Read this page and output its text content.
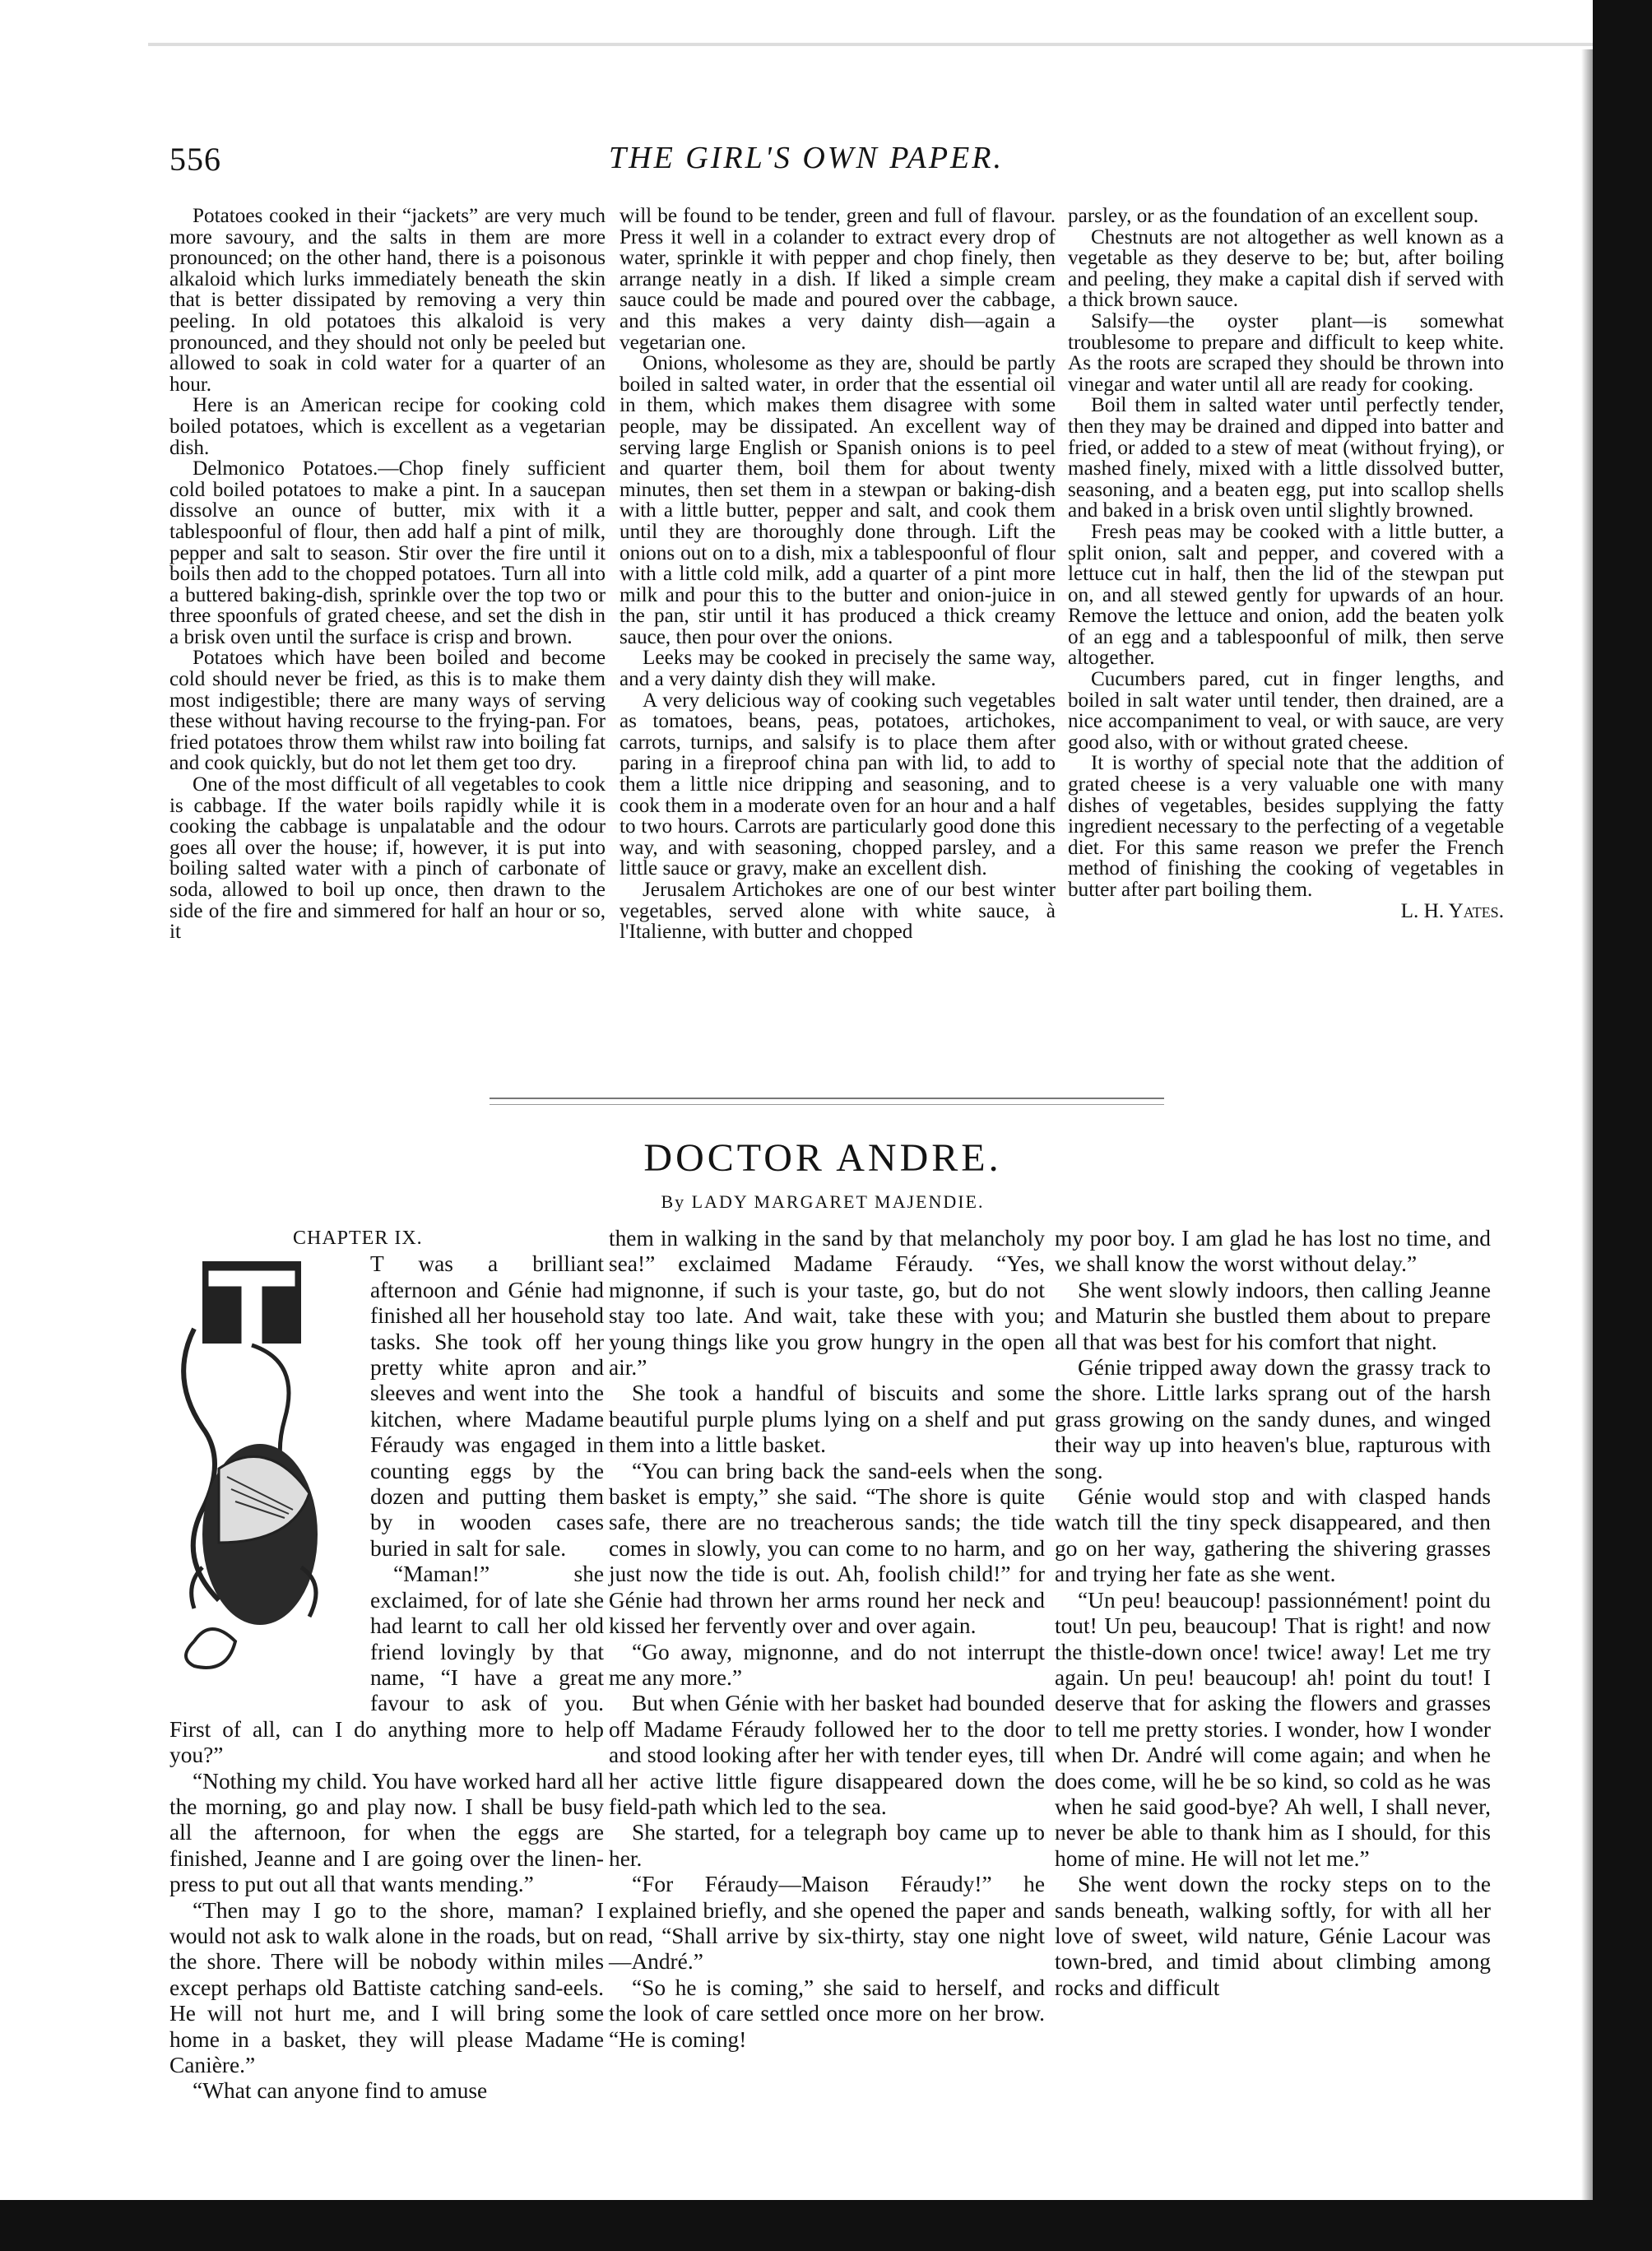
556	THE GIRL'S OWN PAPER.

Potatoes cooked in their “jackets” are very much more savoury, and the salts in them are more pronounced; on the other hand, there is a poisonous alkaloid which lurks immediately beneath the skin that is better dissipated by removing a very thin peeling. In old potatoes this alkaloid is very pronounced, and they should not only be peeled but allowed to soak in cold water for a quarter of an hour.

Here is an American recipe for cooking cold boiled potatoes, which is excellent as a vegetarian dish.

Delmonico Potatoes.—Chop finely sufficient cold boiled potatoes to make a pint. In a saucepan dissolve an ounce of butter, mix with it a tablespoonful of flour, then add half a pint of milk, pepper and salt to season. Stir over the fire until it boils then add to the chopped potatoes. Turn all into a buttered baking-dish, sprinkle over the top two or three spoonfuls of grated cheese, and set the dish in a brisk oven until the surface is crisp and brown.

Potatoes which have been boiled and become cold should never be fried, as this is to make them most indigestible; there are many ways of serving these without having recourse to the frying-pan. For fried potatoes throw them whilst raw into boiling fat and cook quickly, but do not let them get too dry.

One of the most difficult of all vegetables to cook is cabbage. If the water boils rapidly while it is cooking the cabbage is unpalatable and the odour goes all over the house; if, however, it is put into boiling salted water with a pinch of carbonate of soda, allowed to boil up once, then drawn to the side of the fire and simmered for half an hour or so, it

will be found to be tender, green and full of flavour. Press it well in a colander to extract every drop of water, sprinkle it with pepper and chop finely, then arrange neatly in a dish. If liked a simple cream sauce could be made and poured over the cabbage, and this makes a very dainty dish—again a vegetarian one.

Onions, wholesome as they are, should be partly boiled in salted water, in order that the essential oil in them, which makes them disagree with some people, may be dissipated. An excellent way of serving large English or Spanish onions is to peel and quarter them, boil them for about twenty minutes, then set them in a stewpan or baking-dish with a little butter, pepper and salt, and cook them until they are thoroughly done through. Lift the onions out on to a dish, mix a tablespoonful of flour with a little cold milk, add a quarter of a pint more milk and pour this to the butter and onion-juice in the pan, stir until it has produced a thick creamy sauce, then pour over the onions.

Leeks may be cooked in precisely the same way, and a very dainty dish they will make.

A very delicious way of cooking such vegetables as tomatoes, beans, peas, potatoes, artichokes, carrots, turnips, and salsify is to place them after paring in a fireproof china pan with lid, to add to them a little nice dripping and seasoning, and to cook them in a moderate oven for an hour and a half to two hours. Carrots are particularly good done this way, and with seasoning, chopped parsley, and a little sauce or gravy, make an excellent dish.

Jerusalem Artichokes are one of our best winter vegetables, served alone with white sauce, à l'Italienne, with butter and chopped

parsley, or as the foundation of an excellent soup.

Chestnuts are not altogether as well known as a vegetable as they deserve to be; but, after boiling and peeling, they make a capital dish if served with a thick brown sauce.

Salsify—the oyster plant—is somewhat troublesome to prepare and difficult to keep white. As the roots are scraped they should be thrown into vinegar and water until all are ready for cooking.

Boil them in salted water until perfectly tender, then they may be drained and dipped into batter and fried, or added to a stew of meat (without frying), or mashed finely, mixed with a little dissolved butter, seasoning, and a beaten egg, put into scallop shells and baked in a brisk oven until slightly browned.

Fresh peas may be cooked with a little butter, a split onion, salt and pepper, and covered with a lettuce cut in half, then the lid of the stewpan put on, and all stewed gently for upwards of an hour. Remove the lettuce and onion, add the beaten yolk of an egg and a tablespoonful of milk, then serve altogether.

Cucumbers pared, cut in finger lengths, and boiled in salt water until tender, then drained, are a nice accompaniment to veal, or with sauce, are very good also, with or without grated cheese.

It is worthy of special note that the addition of grated cheese is a very valuable one with many dishes of vegetables, besides supplying the fatty ingredient necessary to the perfecting of a vegetable diet. For this same reason we prefer the French method of finishing the cooking of vegetables in butter after part boiling them.

L. H. Yates.
DOCTOR ANDRE.
By LADY MARGARET MAJENDIE.

CHAPTER IX.

T was a brilliant afternoon and Génie had finished all her household tasks. She took off her pretty white apron and sleeves and went into the kitchen, where Madame Féraudy was engaged in counting eggs by the dozen and putting them by in wooden cases buried in salt for sale.

“Maman!” she exclaimed, for of late she had learnt to call her old friend lovingly by that name, “I have a great favour to ask of you. First of all, can I do anything more to help you?”

“Nothing my child. You have worked hard all the morning, go and play now. I shall be busy all the afternoon, for when the eggs are finished, Jeanne and I are going over the linen-press to put out all that wants mending.”

“Then may I go to the shore, maman? I would not ask to walk alone in the roads, but on the shore. There will be nobody within miles except perhaps old Battiste catching sand-eels. He will not hurt me, and I will bring some home in a basket, they will please Madame Canière.”

“What can anyone find to amuse

them in walking in the sand by that melancholy sea!” exclaimed Madame Féraudy. “Yes, mignonne, if such is your taste, go, but do not stay too late. And wait, take these with you; young things like you grow hungry in the open air.”

She took a handful of biscuits and some beautiful purple plums lying on a shelf and put them into a little basket.

“You can bring back the sand-eels when the basket is empty,” she said. “The shore is quite safe, there are no treacherous sands; the tide comes in slowly, you can come to no harm, and just now the tide is out. Ah, foolish child!” for Génie had thrown her arms round her neck and kissed her fervently over and over again.

“Go away, mignonne, and do not interrupt me any more.”

But when Génie with her basket had bounded off Madame Féraudy followed her to the door and stood looking after her with tender eyes, till her active little figure disappeared down the field-path which led to the sea.

She started, for a telegraph boy came up to her.

“For Féraudy—Maison Féraudy!” he explained briefly, and she opened the paper and read, “Shall arrive by six-thirty, stay one night—André.”

“So he is coming,” she said to herself, and the look of care settled once more on her brow. “He is coming!

my poor boy. I am glad he has lost no time, and we shall know the worst without delay.”

She went slowly indoors, then calling Jeanne and Maturin she bustled them about to prepare all that was best for his comfort that night.

Génie tripped away down the grassy track to the shore. Little larks sprang out of the harsh grass growing on the sandy dunes, and winged their way up into heaven's blue, rapturous with song.

Génie would stop and with clasped hands watch till the tiny speck disappeared, and then go on her way, gathering the shivering grasses and trying her fate as she went.

“Un peu! beaucoup! passionnément! point du tout! Un peu, beaucoup! That is right! and now the thistle-down once! twice! away! Let me try again. Un peu! beaucoup! ah! point du tout! I deserve that for asking the flowers and grasses to tell me pretty stories. I wonder, how I wonder when Dr. André will come again; and when he does come, will he be so kind, so cold as he was when he said good-bye? Ah well, I shall never, never be able to thank him as I should, for this home of mine. He will not let me.”

She went down the rocky steps on to the sands beneath, walking softly, for with all her love of sweet, wild nature, Génie Lacour was town-bred, and timid about climbing among rocks and difficult
